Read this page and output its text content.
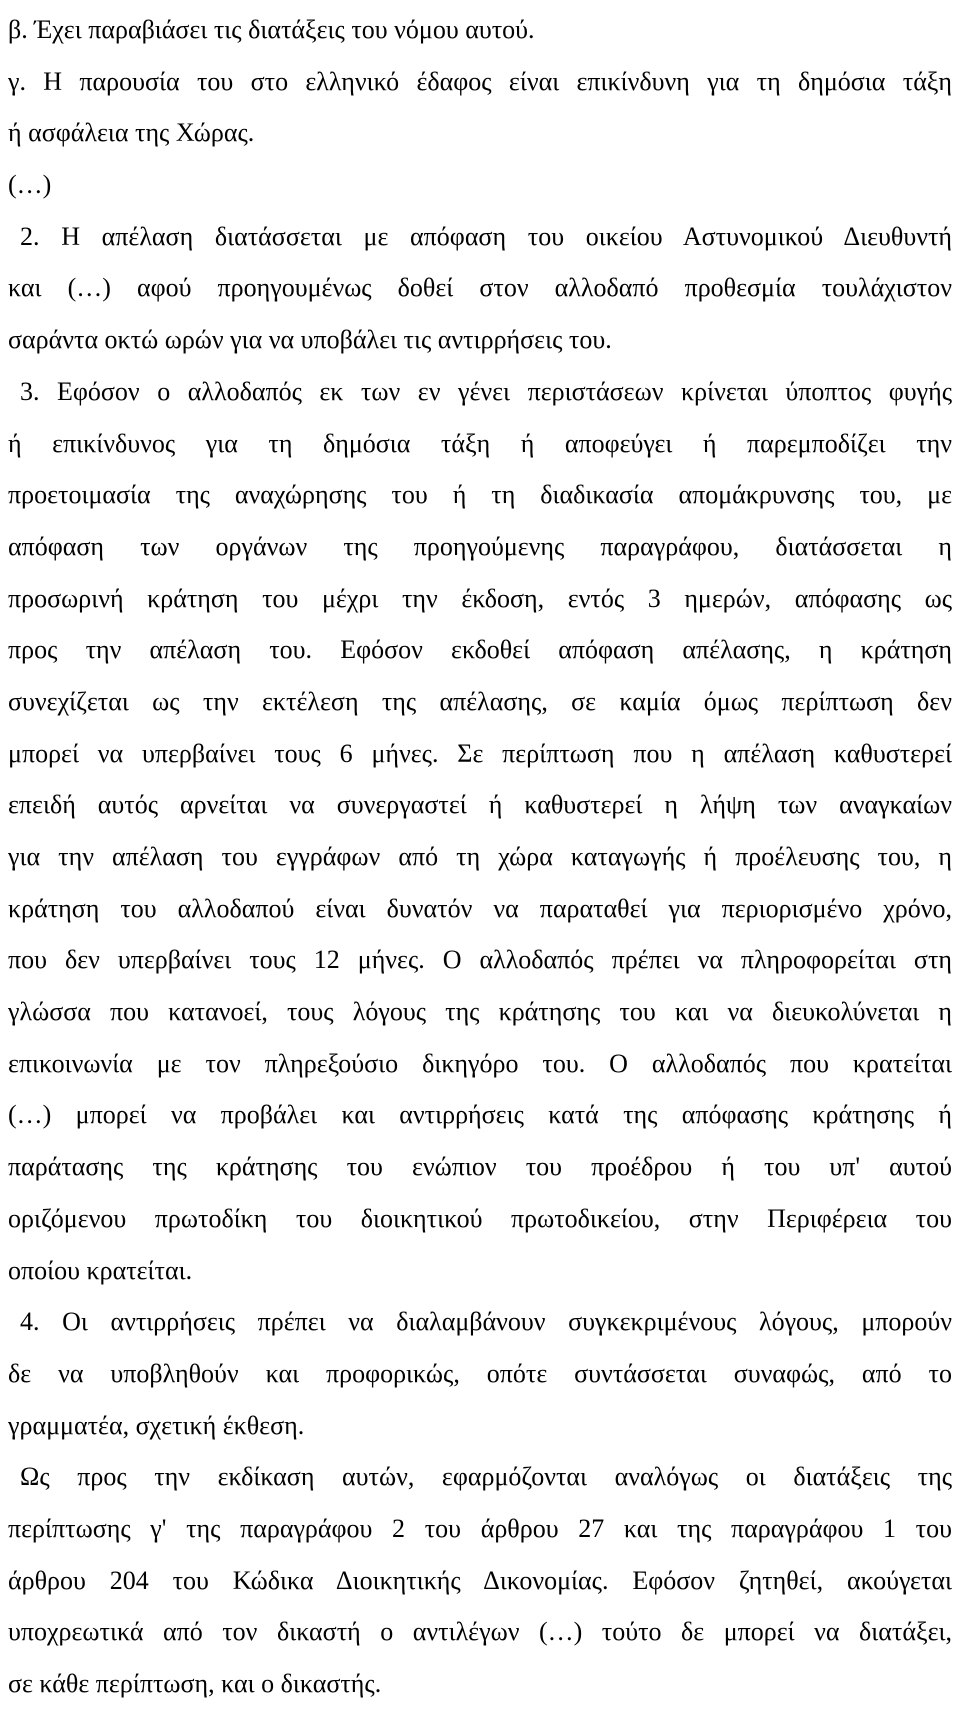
β. Έχει παραβιάσει τις διατάξεις του νόμου αυτού.
γ. Η παρουσία του στο ελληνικό έδαφος είναι επικίνδυνη για τη δημόσια τάξη
ή ασφάλεια της Χώρας.
(…)
2. Η απέλαση διατάσσεται με απόφαση του οικείου Αστυνομικού Διευθυντή
και (…) αφού προηγουμένως δοθεί στον αλλοδαπό προθεσμία τουλάχιστον
σαράντα οκτώ ωρών για να υποβάλει τις αντιρρήσεις του.
3. Εφόσον ο αλλοδαπός εκ των εν γένει περιστάσεων κρίνεται ύποπτος φυγής
ή επικίνδυνος για τη δημόσια τάξη ή αποφεύγει ή παρεμποδίζει την
προετοιμασία της αναχώρησης του ή τη διαδικασία απομάκρυνσης του, με
απόφαση των οργάνων της προηγούμενης παραγράφου, διατάσσεται η
προσωρινή κράτηση του μέχρι την έκδοση, εντός 3 ημερών, απόφασης ως
προς την απέλαση του. Εφόσον εκδοθεί απόφαση απέλασης, η κράτηση
συνεχίζεται ως την εκτέλεση της απέλασης, σε καμία όμως περίπτωση δεν
μπορεί να υπερβαίνει τους 6 μήνες. Σε περίπτωση που η απέλαση καθυστερεί
επειδή αυτός αρνείται να συνεργαστεί ή καθυστερεί η λήψη των αναγκαίων
για την απέλαση του εγγράφων από τη χώρα καταγωγής ή προέλευσης του, η
κράτηση του αλλοδαπού είναι δυνατόν να παραταθεί για περιορισμένο χρόνο,
που δεν υπερβαίνει τους 12 μήνες. Ο αλλοδαπός πρέπει να πληροφορείται στη
γλώσσα που κατανοεί, τους λόγους της κράτησης του και να διευκολύνεται η
επικοινωνία με τον πληρεξούσιο δικηγόρο του. Ο αλλοδαπός που κρατείται
(…) μπορεί να προβάλει και αντιρρήσεις κατά της απόφασης κράτησης ή
παράτασης της κράτησης του ενώπιον του προέδρου ή του υπ' αυτού
οριζόμενου πρωτοδίκη του διοικητικού πρωτοδικείου, στην Περιφέρεια του
οποίου κρατείται.
4. Οι αντιρρήσεις πρέπει να διαλαμβάνουν συγκεκριμένους λόγους, μπορούν
δε να υποβληθούν και προφορικώς, οπότε συντάσσεται συναφώς, από το
γραμματέα, σχετική έκθεση.
Ως προς την εκδίκαση αυτών, εφαρμόζονται αναλόγως οι διατάξεις της
περίπτωσης γ' της παραγράφου 2 του άρθρου 27 και της παραγράφου 1 του
άρθρου 204 του Κώδικα Διοικητικής Δικονομίας. Εφόσον ζητηθεί, ακούγεται
υποχρεωτικά από τον δικαστή ο αντιλέγων (…) τούτο δε μπορεί να διατάξει,
σε κάθε περίπτωση, και ο δικαστής.
